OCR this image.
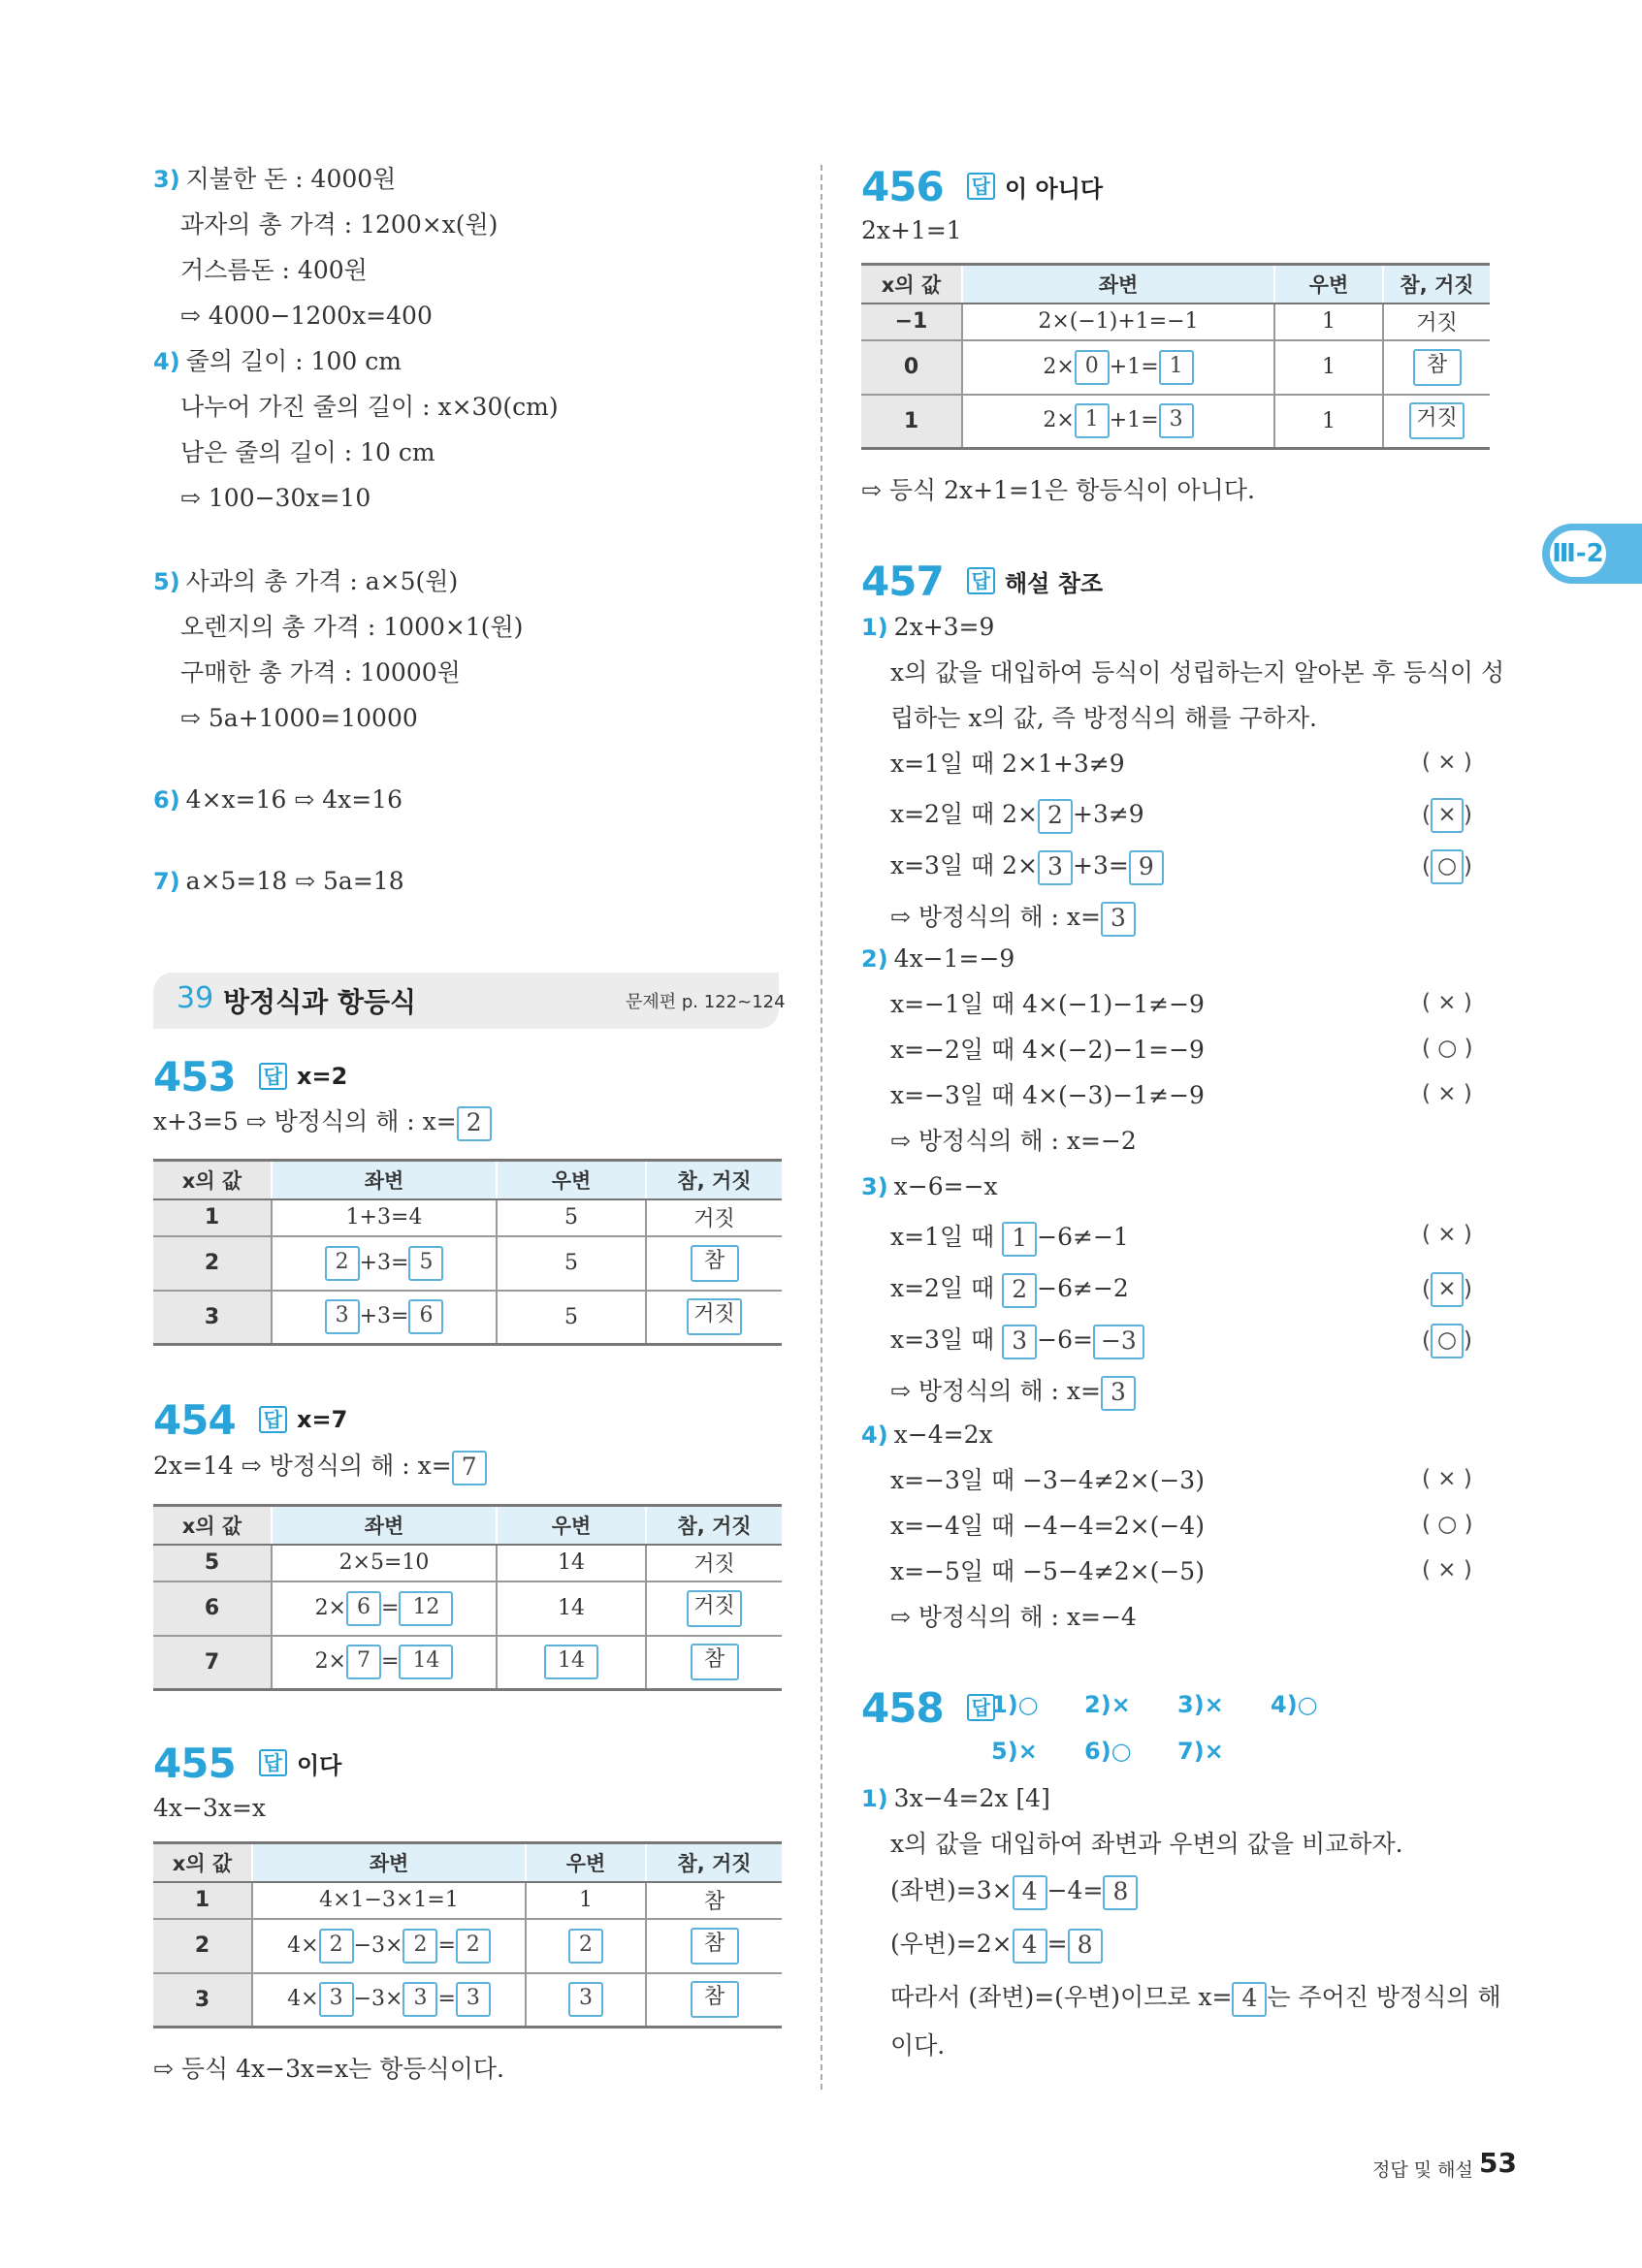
Ⅲ-2
3) 지불한 돈 : 4000원
과자의 총 가격 : 1200×x(원)
거스름돈 : 400원
⇨ 4000−1200x=400
4) 줄의 길이 : 100 cm
나누어 가진 줄의 길이 : x×30(cm)
남은 줄의 길이 : 10 cm
⇨ 100−30x=10
5) 사과의 총 가격 : a×5(원)
오렌지의 총 가격 : 1000×1(원)
구매한 총 가격 : 10000원
⇨ 5a+1000=10000
6) 4×x=16 ⇨ 4x=16
7) a×5=18 ⇨ 5a=18
39 방정식과 항등식	문제편 p. 122~124
453 답 x=2
x+3=5 ⇨ 방정식의 해 : x= 2
x의 값	좌변	우변	참, 거짓
1	1+3=4	5	거짓
2	2 +3= 5	5	참
3	3 +3= 6	5	거짓
454 답 x=7
2x=14 ⇨ 방정식의 해 : x= 7
x의 값	좌변	우변	참, 거짓
5	2×5=10	14	거짓
6	2× 6 = 12	14	거짓
7	2× 7 = 14	14	참
455 답 이다
4x−3x=x
x의 값	좌변	우변	참, 거짓
1	4×1−3×1=1	1	참
2	4× 2 −3× 2 = 2	2	참
3	4× 3 −3× 3 = 3	3	참
⇨ 등식 4x−3x=x는 항등식이다.
456 답 이 아니다
2x+1=1
x의 값	좌변	우변	참, 거짓
−1	2×(−1)+1=−1	1	거짓
0	2× 0 +1= 1	1	참
1	2× 1 +1= 3	1	거짓
⇨ 등식 2x+1=1은 항등식이 아니다.
457 답 해설 참조
1) 2x+3=9
x의 값을 대입하여 등식이 성립하는지 알아본 후 등식이 성
립하는 x의 값, 즉 방정식의 해를 구하자.
x=1일 때 2×1+3≠9	( × )
x=2일 때 2× 2 +3≠9	( × )
x=3일 때 2× 3 +3= 9	( ○ )
⇨ 방정식의 해 : x= 3
2) 4x−1=−9
x=−1일 때 4×(−1)−1≠−9	( × )
x=−2일 때 4×(−2)−1=−9	( ○ )
x=−3일 때 4×(−3)−1≠−9	( × )
⇨ 방정식의 해 : x=−2
3) x−6=−x
x=1일 때 1 −6≠−1	( × )
x=2일 때 2 −6≠−2	( × )
x=3일 때 3 −6= −3	( ○ )
⇨ 방정식의 해 : x= 3
4) x−4=2x
x=−3일 때 −3−4≠2×(−3)	( × )
x=−4일 때 −4−4=2×(−4)	( ○ )
x=−5일 때 −5−4≠2×(−5)	( × )
⇨ 방정식의 해 : x=−4
458 답 1)○ 2)× 3)× 4)○
5)× 6)○ 7)×
1) 3x−4=2x [4]
x의 값을 대입하여 좌변과 우변의 값을 비교하자.
(좌변)=3× 4 −4= 8
(우변)=2× 4 = 8
따라서 (좌변)=(우변)이므로 x= 4 는 주어진 방정식의 해
이다.
정답 및 해설 53
